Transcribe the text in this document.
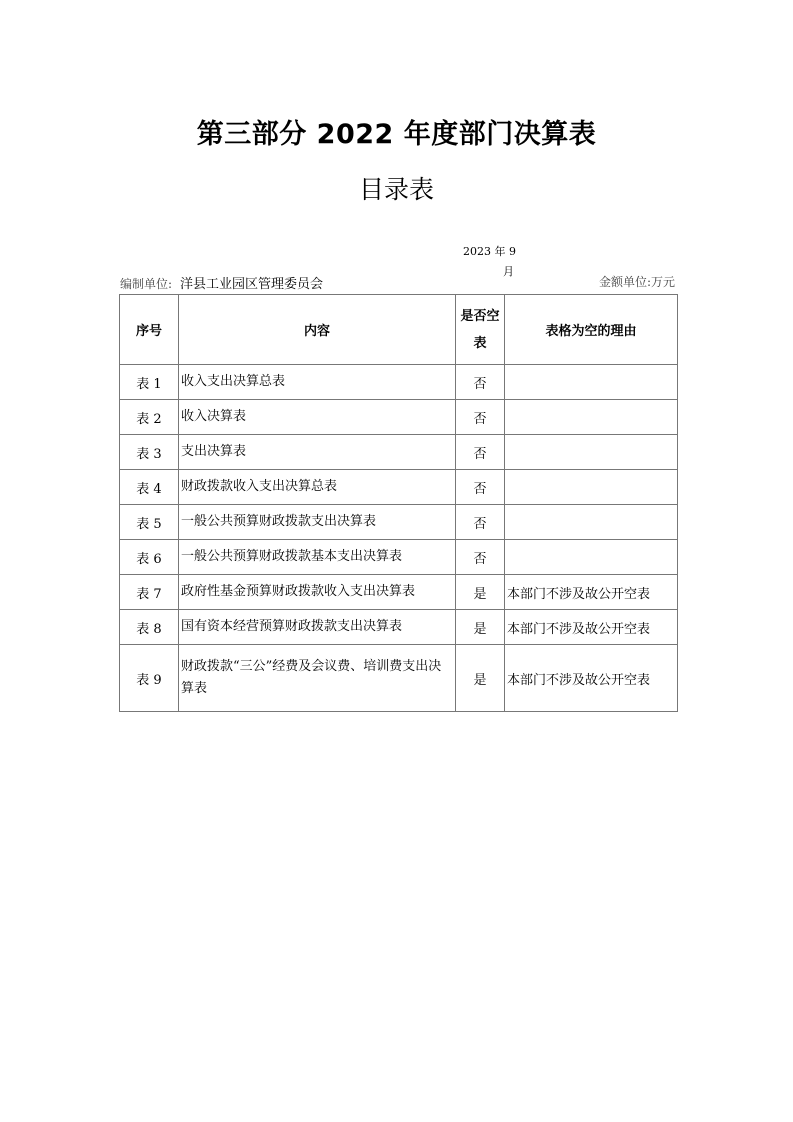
第三部分 2022 年度部门决算表
目录表
2023 年 9
月
编制单位: 洋县工业园区管理委员会	金额单位:万元
序号	内容	是否空表	表格为空的理由
表 1	收入支出决算总表	否	
表 2	收入决算表	否	
表 3	支出决算表	否	
表 4	财政拨款收入支出决算总表	否	
表 5	一般公共预算财政拨款支出决算表	否	
表 6	一般公共预算财政拨款基本支出决算表	否	
表 7	政府性基金预算财政拨款收入支出决算表	是	本部门不涉及故公开空表
表 8	国有资本经营预算财政拨款支出决算表	是	本部门不涉及故公开空表
表 9	财政拨款“三公”经费及会议费、培训费支出决算表	是	本部门不涉及故公开空表
